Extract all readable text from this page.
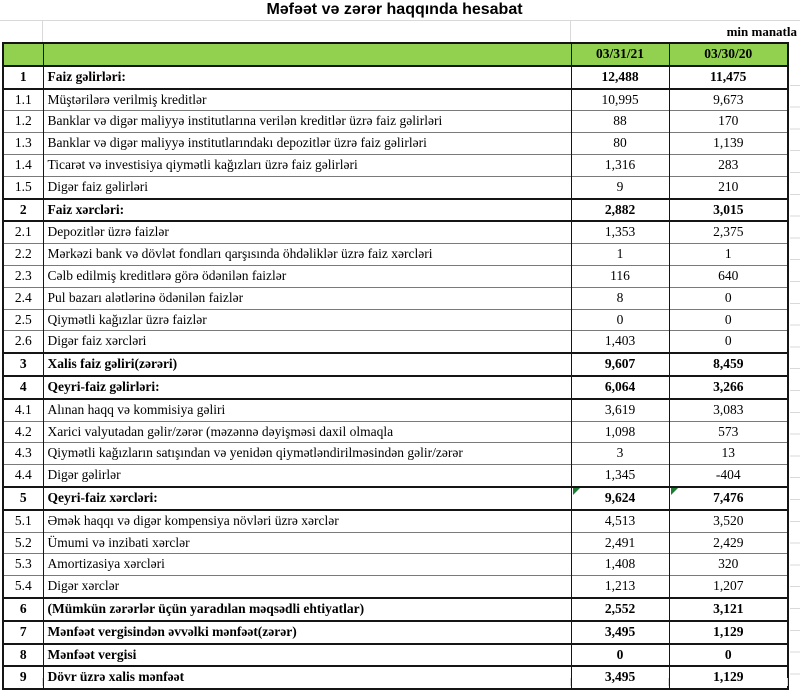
Məfəət və zərər haqqında hesabat
min manatla
		03/31/21	03/30/20
1	Faiz gəlirləri:	12,488	11,475
1.1	Müştərilərə verilmiş kreditlər	10,995	9,673
1.2	Banklar və digər maliyyə institutlarına verilən kreditlər üzrə faiz gəlirləri	88	170
1.3	Banklar və digər maliyyə institutlarındakı depozitlər üzrə faiz gəlirləri	80	1,139
1.4	Ticarət və investisiya qiymətli kağızları üzrə faiz gəlirləri	1,316	283
1.5	Digər faiz gəlirləri	9	210
2	Faiz xərcləri:	2,882	3,015
2.1	Depozitlər üzrə faizlər	1,353	2,375
2.2	Mərkəzi bank və dövlət fondları qarşısında öhdəliklər üzrə faiz xərcləri	1	1
2.3	Cəlb edilmiş kreditlərə görə ödənilən faizlər	116	640
2.4	Pul bazarı alətlərinə ödənilən faizlər	8	0
2.5	Qiymətli kağızlar üzrə faizlər	0	0
2.6	Digər faiz xərcləri	1,403	0
3	Xalis faiz gəliri(zərəri)	9,607	8,459
4	Qeyri-faiz gəlirləri:	6,064	3,266
4.1	Alınan haqq və kommisiya gəliri	3,619	3,083
4.2	Xarici valyutadan gəlir/zərər (məzənnə dəyişməsi daxil olmaqla	1,098	573
4.3	Qiymətli kağızların satışından və yenidən qiymətləndirilməsindən gəlir/zərər	3	13
4.4	Digər gəlirlər	1,345	-404
5	Qeyri-faiz xərcləri:	9,624	7,476

5.1	Əmək haqqı və digər kompensiya növləri üzrə xərclər	4,513	3,520
5.2	Ümumi və inzibati xərclər	2,491	2,429
5.3	Amortizasiya xərcləri	1,408	320
5.4	Digər xərclər	1,213	1,207
6	(Mümkün zərərlər üçün yaradılan məqsədli ehtiyatlar)	2,552	3,121
7	Mənfəət vergisindən əvvəlki mənfəət(zərər)	3,495	1,129
8	Mənfəət vergisi	0	0
9	Dövr üzrə xalis mənfəət	3,495	1,129
